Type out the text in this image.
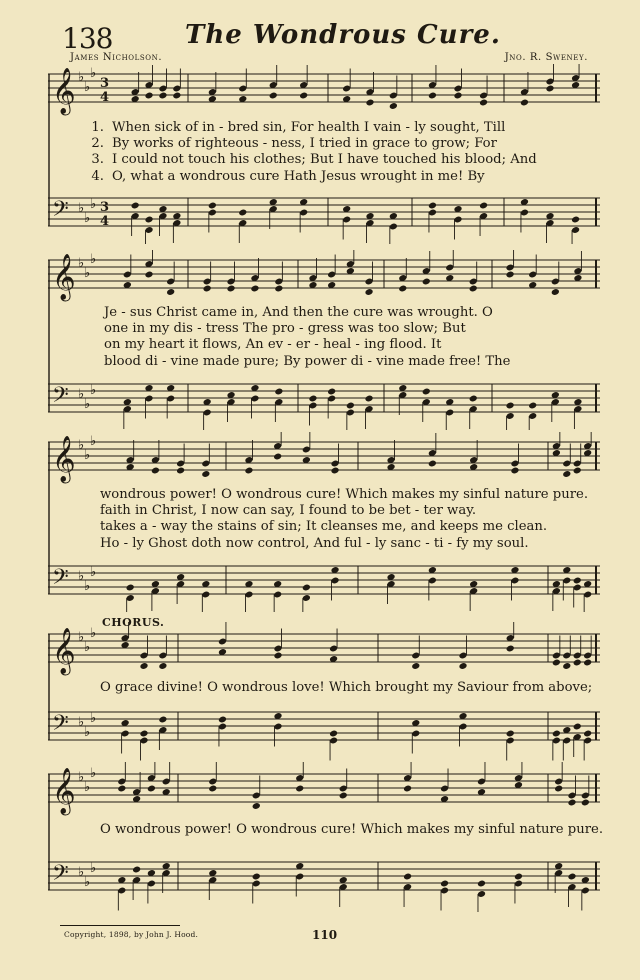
138	The Wondrous Cure.
James Nicholson.	Jno. R. Sweney.
𝄞 ♭
♭
♭
𝄢 ♭
♭
♭
3
4
3
4
1. When sick of in - bred sin, For health I vain - ly sought, Till
2. By works of righteous - ness, I tried in grace to grow; For
3. I could not touch his clothes; But I have touched his blood; And
4. O, what a wondrous cure Hath Jesus wrought in me! By
𝄞 ♭
♭
♭
𝄢 ♭
♭
♭
Je - sus Christ came in, And then the cure was wrought. O
one in my dis - tress The pro - gress was too slow; But
on my heart it flows, An ev - er - heal - ing flood. It
blood di - vine made pure; By power di - vine made free! The
𝄞 ♭
♭
♭
𝄢 ♭
♭
♭
wondrous power! O wondrous cure! Which makes my sinful nature pure.
faith in Christ, I now can say, I found to be bet - ter way.
takes a - way the stains of sin; It cleanses me, and keeps me clean.
Ho - ly Ghost doth now control, And ful - ly sanc - ti - fy my soul.
CHORUS.
𝄞 ♭
♭
♭
𝄢 ♭
♭
♭
O grace divine! O wondrous love! Which brought my Saviour from above;
𝄞 ♭
♭
♭
𝄢 ♭
♭
♭
O wondrous power! O wondrous cure! Which makes my sinful nature pure.
Copyright, 1898, by John J. Hood.	110
